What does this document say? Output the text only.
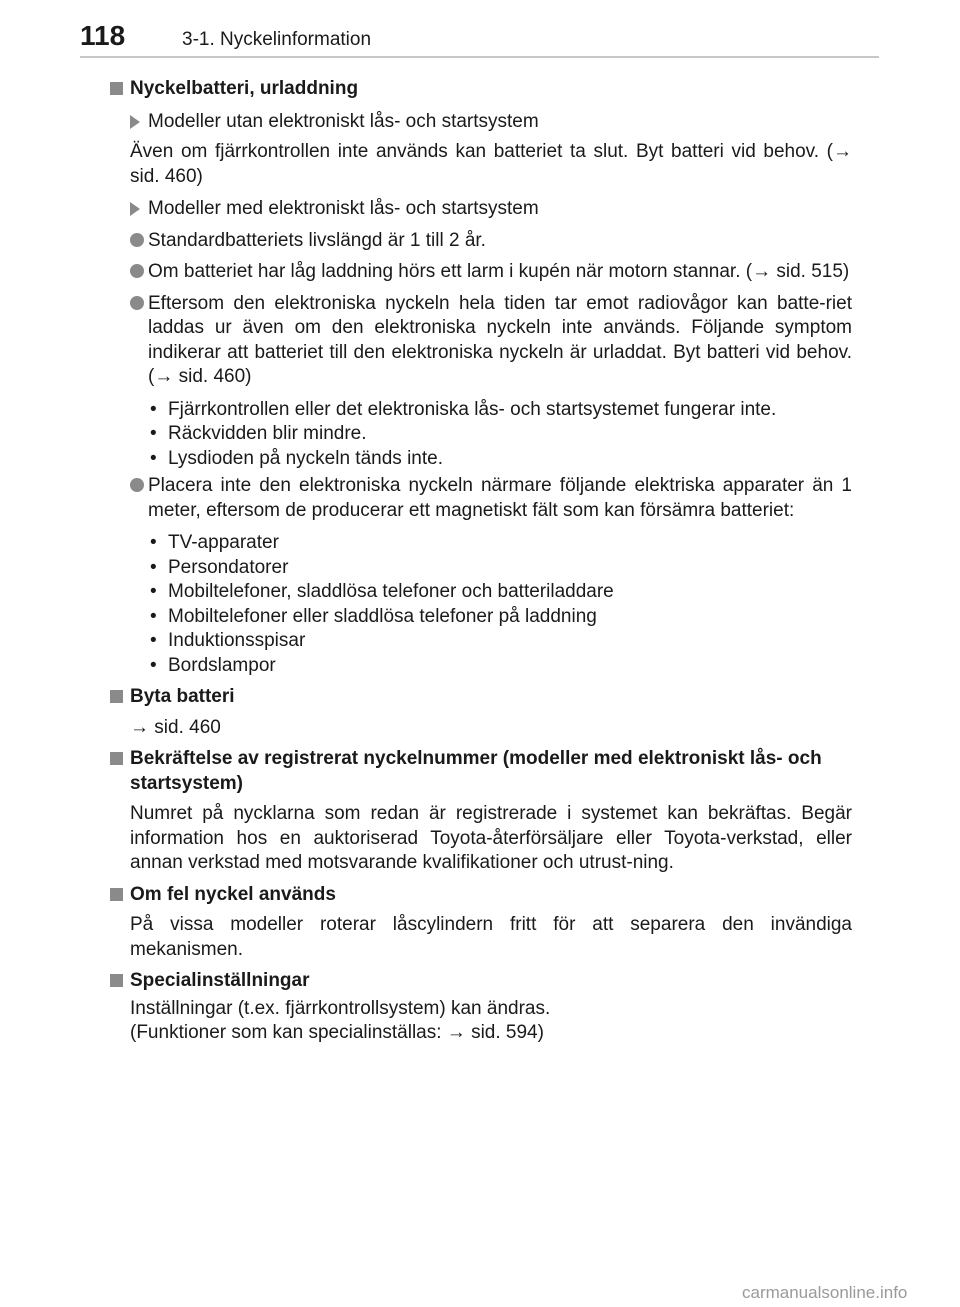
118	3-1. Nyckelinformation
Nyckelbatteri, urladdning
Modeller utan elektroniskt lås- och startsystem
Även om fjärrkontrollen inte används kan batteriet ta slut. Byt batteri vid behov. (→ sid. 460)
Modeller med elektroniskt lås- och startsystem
Standardbatteriets livslängd är 1 till 2 år.
Om batteriet har låg laddning hörs ett larm i kupén när motorn stannar. (→ sid. 515)
Eftersom den elektroniska nyckeln hela tiden tar emot radiovågor kan batte-riet laddas ur även om den elektroniska nyckeln inte används. Följande symptom indikerar att batteriet till den elektroniska nyckeln är urladdat. Byt batteri vid behov. (→ sid. 460)
• Fjärrkontrollen eller det elektroniska lås- och startsystemet fungerar inte.
• Räckvidden blir mindre.
• Lysdioden på nyckeln tänds inte.
Placera inte den elektroniska nyckeln närmare följande elektriska apparater än 1 meter, eftersom de producerar ett magnetiskt fält som kan försämra batteriet:
• TV-apparater
• Persondatorer
• Mobiltelefoner, sladdlösa telefoner och batteriladdare
• Mobiltelefoner eller sladdlösa telefoner på laddning
• Induktionsspisar
• Bordslampor
Byta batteri
→ sid. 460
Bekräftelse av registrerat nyckelnummer (modeller med elektroniskt lås- och startsystem)
Numret på nycklarna som redan är registrerade i systemet kan bekräftas. Begär information hos en auktoriserad Toyota-återförsäljare eller Toyota-verkstad, eller annan verkstad med motsvarande kvalifikationer och utrust-ning.
Om fel nyckel används
På vissa modeller roterar låscylindern fritt för att separera den invändiga mekanismen.
Specialinställningar
Inställningar (t.ex. fjärrkontrollsystem) kan ändras.
(Funktioner som kan specialinställas: → sid. 594)
carmanualsonline.info
